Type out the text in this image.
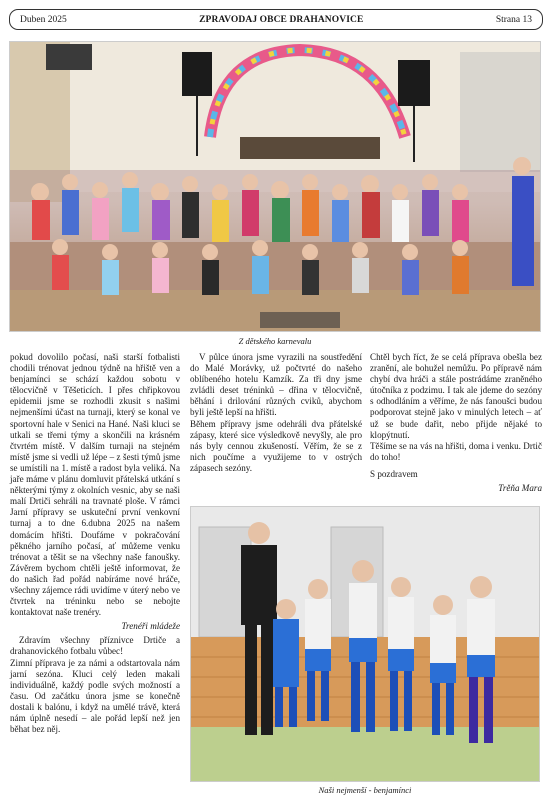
Duben 2025	ZPRAVODAJ OBCE DRAHANOVICE	Strana 13
Z dětského karnevalu

pokud dovolilo počasí, naši starší fotbalisti chodili trénovat jednou týdně na hřiště ven a benjamínci se schází každou sobotu v tělocvičně v Těšeticích. I přes chřipkovou epidemii jsme se rozhodli zkusit s našimi nejmenšími účast na turnaji, který se konal ve sportovní hale v Senici na Hané. Naši kluci se utkali se třemi týmy a skončili na krásném čtvrtém místě. V dalším turnaji na stejném místě jsme si vedli už lépe – z šesti týmů jsme se umístili na 1. místě a radost byla veliká. Na jaře máme v plánu domluvit přátelská utkání s některými týmy z okolních vesnic, aby se naši malí Drtiči sehráli na travnaté ploše. V rámci Jarní přípravy se uskuteční první venkovní turnaj a to dne 6.dubna 2025 na našem domácím hřišti. Doufáme v pokračování pěkného jarního počasí, ať můžeme venku trénovat a těšit se na všechny naše fanoušky. Závěrem bychom chtěli ještě informovat, že do našich řad pořád nabíráme nové hráče, všechny zájemce rádi uvidíme v úterý nebo ve čtvrtek na tréninku nebo se nebojte kontaktovat naše trenéry.

Trenéři mládeže

Zdravím všechny příznivce Drtiče a drahanovického fotbalu vůbec!

Zimní příprava je za námi a odstartovala nám jarní sezóna. Kluci celý leden makali individuálně, každý podle svých možností a času. Od začátku února jsme se konečně dostali k balónu, i když na umělé trávě, která nám úplně nesedí – ale pořád lepší než jen běhat bez něj.

V půlce února jsme vyrazili na soustředění do Malé Morávky, už počtvrté do našeho oblíbeného hotelu Kamzík. Za tři dny jsme zvládli deset tréninků – dřina v tělocvičně, běhání i drilování různých cviků, abychom byli ještě lepší na hřišti.

Během přípravy jsme odehráli dva přátelské zápasy, které sice výsledkově nevyšly, ale pro nás byly cennou zkušeností. Věřím, že se z nich poučíme a využijeme to v ostrých zápasech sezóny.

Chtěl bych říct, že se celá příprava obešla bez zranění, ale bohužel nemůžu. Po přípravě nám chybí dva hráči a stále postrádáme zraněného útočníka z podzimu. I tak ale jdeme do sezóny s odhodláním a věříme, že nás fanoušci budou podporovat stejně jako v minulých letech – ať už se bude dařit, nebo přijde nějaké to klopýtnutí.

Těšíme se na vás na hřišti, doma i venku. Drtič do toho!

S pozdravem
Trěňa Mara
Naši nejmenší - benjamínci
